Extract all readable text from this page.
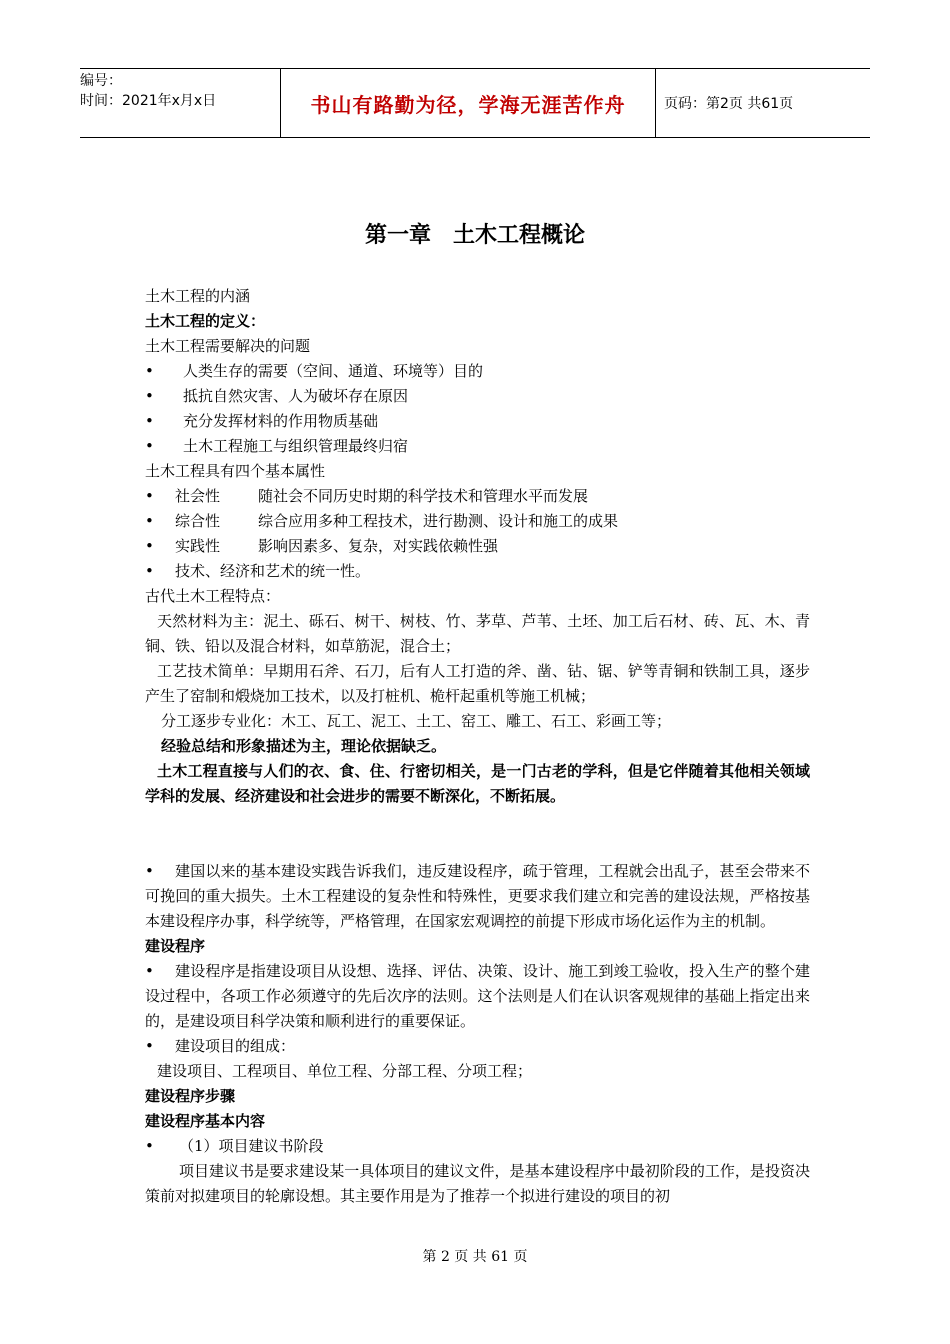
编号：
时间：2021年x月x日	书山有路勤为径，学海无涯苦作舟	页码：第2页 共61页
第一章　土木工程概论
土木工程的内涵
土木工程的定义：
土木工程需要解决的问题
• 人类生存的需要（空间、通道、环境等）目的
• 抵抗自然灾害、人为破坏存在原因
• 充分发挥材料的作用物质基础
• 土木工程施工与组织管理最终归宿
土木工程具有四个基本属性
• 社会性	随社会不同历史时期的科学技术和管理水平而发展
• 综合性	综合应用多种工程技术，进行勘测、设计和施工的成果
• 实践性	影响因素多、复杂，对实践依赖性强
• 技术、经济和艺术的统一性。
古代土木工程特点：
天然材料为主：泥土、砾石、树干、树枝、竹、茅草、芦苇、土坯、加工后石材、砖、瓦、木、青铜、铁、铅以及混合材料，如草筋泥，混合土；
工艺技术简单：早期用石斧、石刀，后有人工打造的斧、凿、钻、锯、铲等青铜和铁制工具，逐步产生了窑制和煅烧加工技术，以及打桩机、桅杆起重机等施工机械；
分工逐步专业化：木工、瓦工、泥工、土工、窑工、雕工、石工、彩画工等；
经验总结和形象描述为主，理论依据缺乏。
土木工程直接与人们的衣、食、住、行密切相关，是一门古老的学科，但是它伴随着其他相关领域学科的发展、经济建设和社会进步的需要不断深化，不断拓展。
• 建国以来的基本建设实践告诉我们，违反建设程序，疏于管理，工程就会出乱子，甚至会带来不可挽回的重大损失。土木工程建设的复杂性和特殊性，更要求我们建立和完善的建设法规，严格按基本建设程序办事，科学统等，严格管理，在国家宏观调控的前提下形成市场化运作为主的机制。
建设程序
• 建设程序是指建设项目从设想、选择、评估、决策、设计、施工到竣工验收，投入生产的整个建设过程中，各项工作必须遵守的先后次序的法则。这个法则是人们在认识客观规律的基础上指定出来的，是建设项目科学决策和顺利进行的重要保证。
• 建设项目的组成：
建设项目、工程项目、单位工程、分部工程、分项工程；
建设程序步骤
建设程序基本内容
• （1）项目建议书阶段
项目建议书是要求建设某一具体项目的建议文件，是基本建设程序中最初阶段的工作，是投资决策前对拟建项目的轮廓设想。其主要作用是为了推荐一个拟进行建设的项目的初
第 2 页 共 61 页
